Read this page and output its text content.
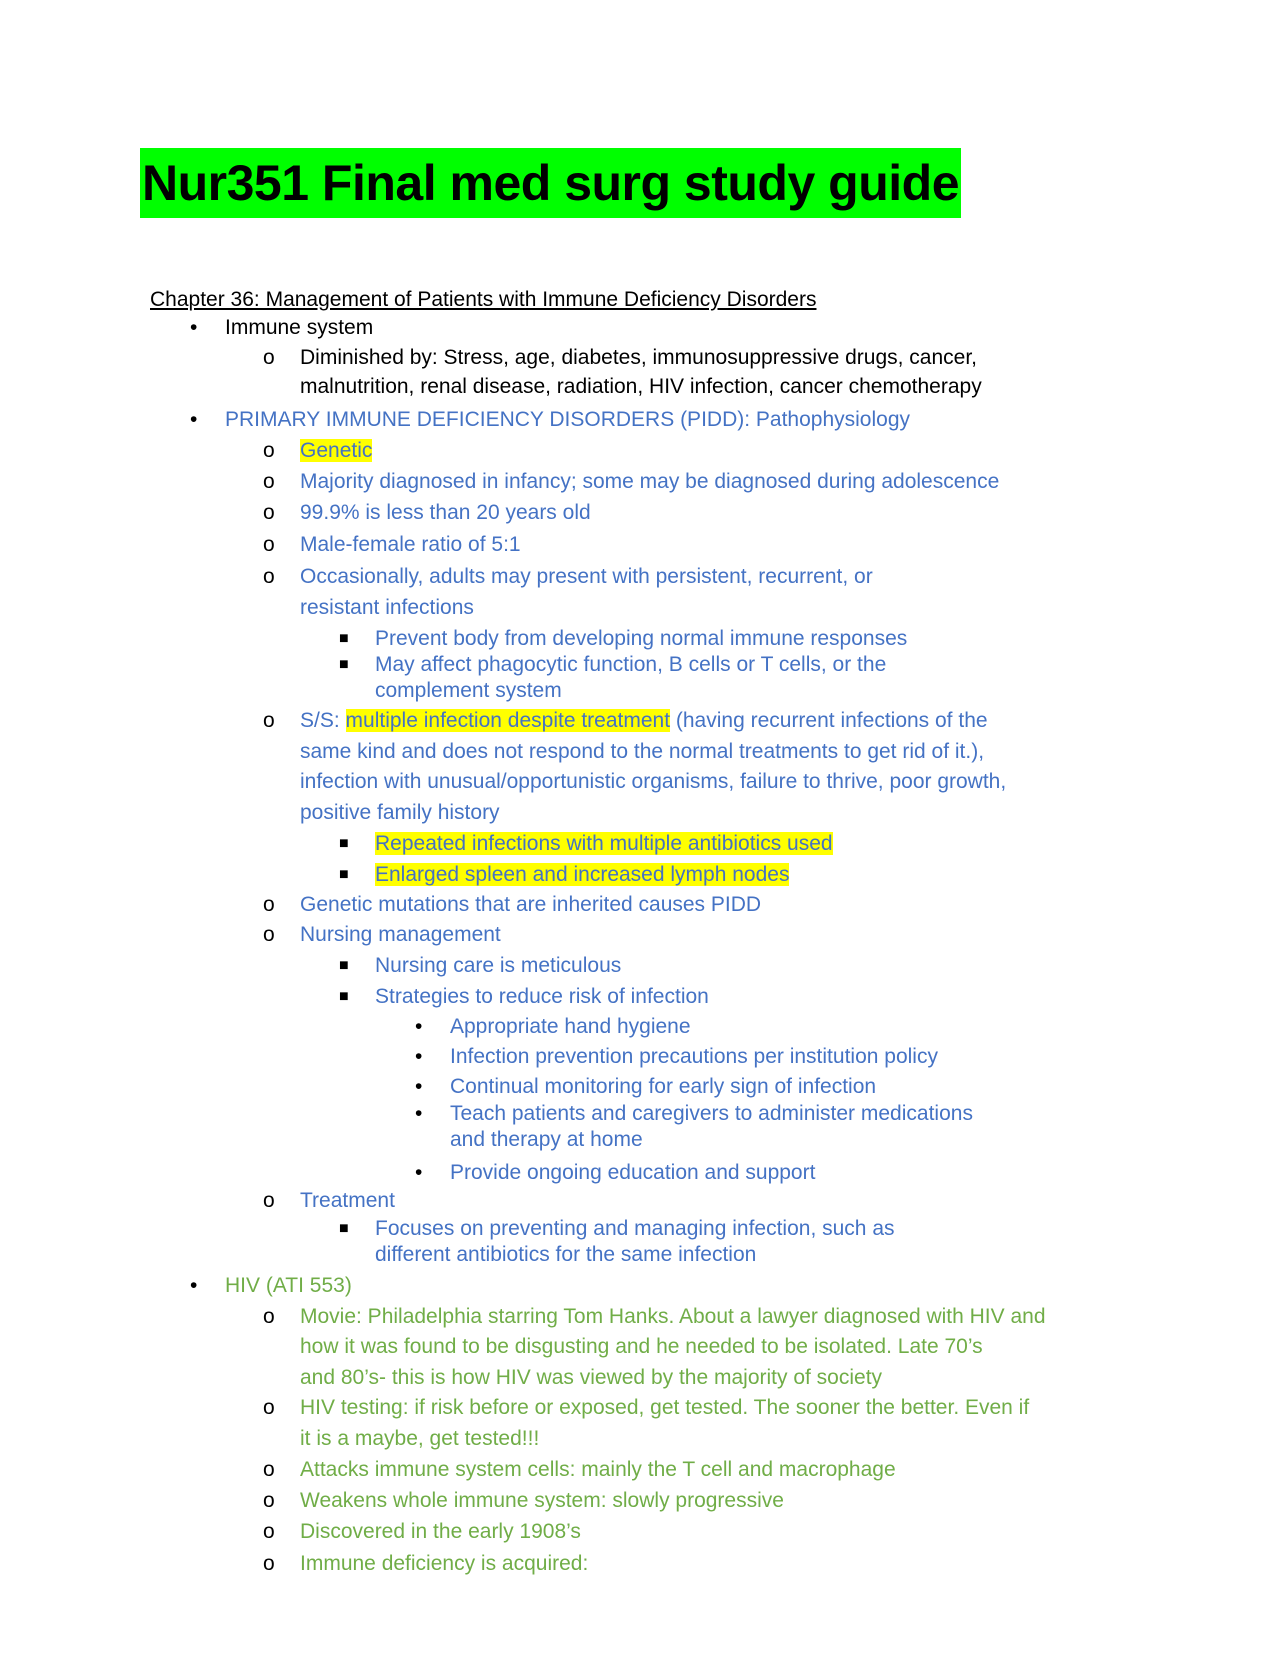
Nur351 Final med surg study guide
Chapter 36: Management of Patients with Immune Deficiency Disorders
• Immune system
o Diminished by: Stress, age, diabetes, immunosuppressive drugs, cancer,
malnutrition, renal disease, radiation, HIV infection, cancer chemotherapy
• PRIMARY IMMUNE DEFICIENCY DISORDERS (PIDD): Pathophysiology
o Genetic
o Majority diagnosed in infancy; some may be diagnosed during adolescence
o 99.9% is less than 20 years old
o Male-female ratio of 5:1
o Occasionally, adults may present with persistent, recurrent, or
resistant infections
■ Prevent body from developing normal immune responses
■ May affect phagocytic function, B cells or T cells, or the
complement system
o S/S: multiple infection despite treatment (having recurrent infections of the
same kind and does not respond to the normal treatments to get rid of it.),
infection with unusual/opportunistic organisms, failure to thrive, poor growth,
positive family history
■ Repeated infections with multiple antibiotics used
■ Enlarged spleen and increased lymph nodes
o Genetic mutations that are inherited causes PIDD
o Nursing management
■ Nursing care is meticulous
■ Strategies to reduce risk of infection
• Appropriate hand hygiene
• Infection prevention precautions per institution policy
• Continual monitoring for early sign of infection
• Teach patients and caregivers to administer medications
and therapy at home
• Provide ongoing education and support
o Treatment
■ Focuses on preventing and managing infection, such as
different antibiotics for the same infection
• HIV (ATI 553)
o Movie: Philadelphia starring Tom Hanks. About a lawyer diagnosed with HIV and
how it was found to be disgusting and he needed to be isolated. Late 70’s
and 80’s- this is how HIV was viewed by the majority of society
o HIV testing: if risk before or exposed, get tested. The sooner the better. Even if
it is a maybe, get tested!!!
o Attacks immune system cells: mainly the T cell and macrophage
o Weakens whole immune system: slowly progressive
o Discovered in the early 1908’s
o Immune deficiency is acquired:
